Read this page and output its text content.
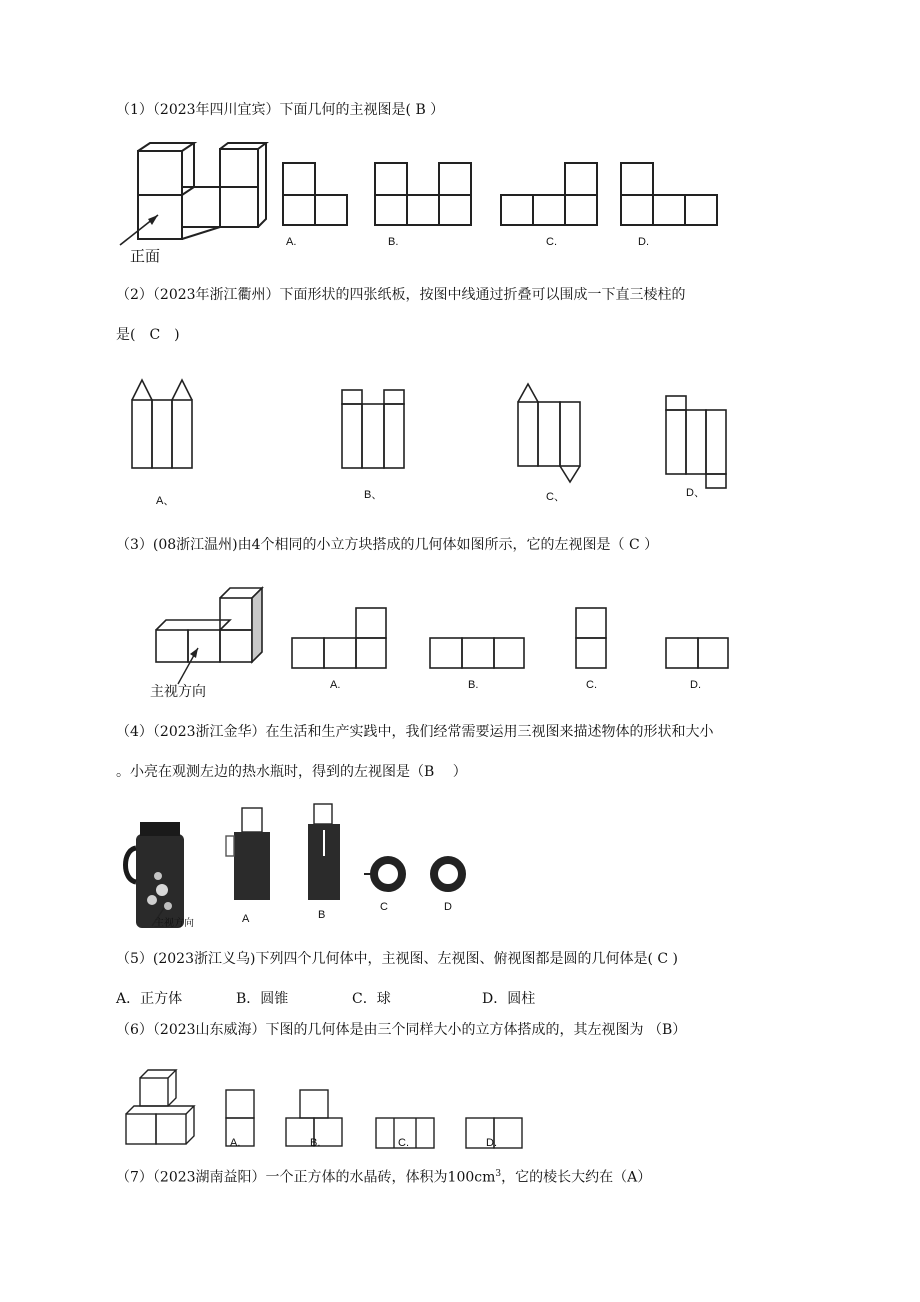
（1）（2023年四川宜宾）下面几何的主视图是( B ）
正面
A.	B.	C.	D.
（2）（2023年浙江衢州）下面形状的四张纸板，按图中线通过折叠可以围成一下直三棱柱的
是(　C　)
A、	B、	C、	D、
（3）(08浙江温州)由4个相同的小立方块搭成的几何体如图所示，它的左视图是（ C ）
主视方向	A.	B.	C.	D.
（4）（2023浙江金华）在生活和生产实践中，我们经常需要运用三视图来描述物体的形状和大小
。小亮在观测左边的热水瓶时，得到的左视图是（B　 ）
主视方向	A	B
C	D
（5）(2023浙江义乌)下列四个几何体中，主视图、左视图、俯视图都是圆的几何体是( C )
A．正方体	B．圆锥	C．球	D．圆柱
（6）（2023山东威海）下图的几何体是由三个同样大小的立方体搭成的，其左视图为 （B）
A.	B.	C.	D.
（7）（2023湖南益阳）一个正方体的水晶砖，体积为$100cm^3$，它的棱长大约在（A）
